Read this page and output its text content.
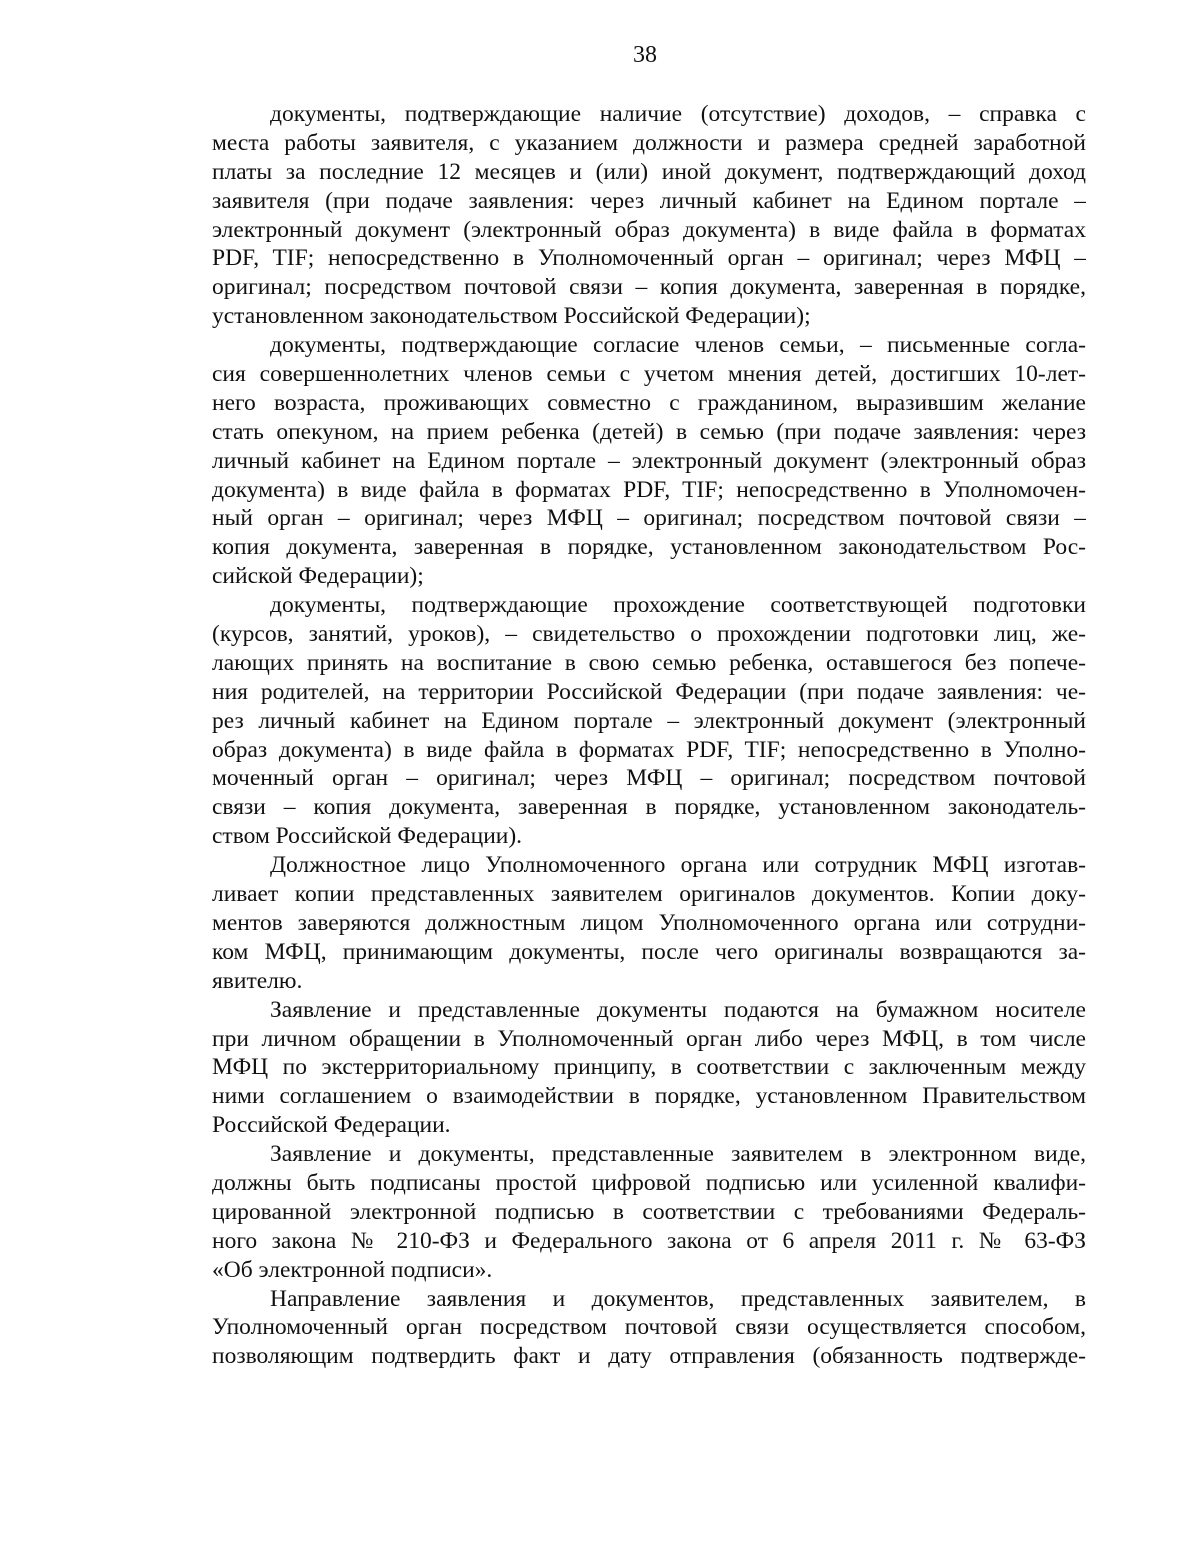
38
документы, подтверждающие наличие (отсутствие) доходов, – справка с
места работы заявителя, с указанием должности и размера средней заработной
платы за последние 12 месяцев и (или) иной документ, подтверждающий доход
заявителя (при подаче заявления: через личный кабинет на Едином портале –
электронный документ (электронный образ документа) в виде файла в форматах
PDF, TIF; непосредственно в Уполномоченный орган – оригинал; через МФЦ –
оригинал; посредством почтовой связи – копия документа, заверенная в порядке,
установленном законодательством Российской Федерации);
документы, подтверждающие согласие членов семьи, – письменные согла-
сия совершеннолетних членов семьи с учетом мнения детей, достигших 10-лет-
него возраста, проживающих совместно с гражданином, выразившим желание
стать опекуном, на прием ребенка (детей) в семью (при подаче заявления: через
личный кабинет на Едином портале – электронный документ (электронный образ
документа) в виде файла в форматах PDF, TIF; непосредственно в Уполномочен-
ный орган – оригинал; через МФЦ – оригинал; посредством почтовой связи –
копия документа, заверенная в порядке, установленном законодательством Рос-
сийской Федерации);
документы, подтверждающие прохождение соответствующей подготовки
(курсов, занятий, уроков), – свидетельство о прохождении подготовки лиц, же-
лающих принять на воспитание в свою семью ребенка, оставшегося без попече-
ния родителей, на территории Российской Федерации (при подаче заявления: че-
рез личный кабинет на Едином портале – электронный документ (электронный
образ документа) в виде файла в форматах PDF, TIF; непосредственно в Уполно-
моченный орган – оригинал; через МФЦ – оригинал; посредством почтовой
связи – копия документа, заверенная в порядке, установленном законодатель-
ством Российской Федерации).
Должностное лицо Уполномоченного органа или сотрудник МФЦ изготав-
ливает копии представленных заявителем оригиналов документов. Копии доку-
ментов заверяются должностным лицом Уполномоченного органа или сотрудни-
ком МФЦ, принимающим документы, после чего оригиналы возвращаются за-
явителю.
Заявление и представленные документы подаются на бумажном носителе
при личном обращении в Уполномоченный орган либо через МФЦ, в том числе
МФЦ по экстерриториальному принципу, в соответствии с заключенным между
ними соглашением о взаимодействии в порядке, установленном Правительством
Российской Федерации.
Заявление и документы, представленные заявителем в электронном виде,
должны быть подписаны простой цифровой подписью или усиленной квалифи-
цированной электронной подписью в соответствии с требованиями Федераль-
ного закона № 210-ФЗ и Федерального закона от 6 апреля 2011 г. № 63-ФЗ
«Об электронной подписи».
Направление заявления и документов, представленных заявителем, в
Уполномоченный орган посредством почтовой связи осуществляется способом,
позволяющим подтвердить факт и дату отправления (обязанность подтвержде-
